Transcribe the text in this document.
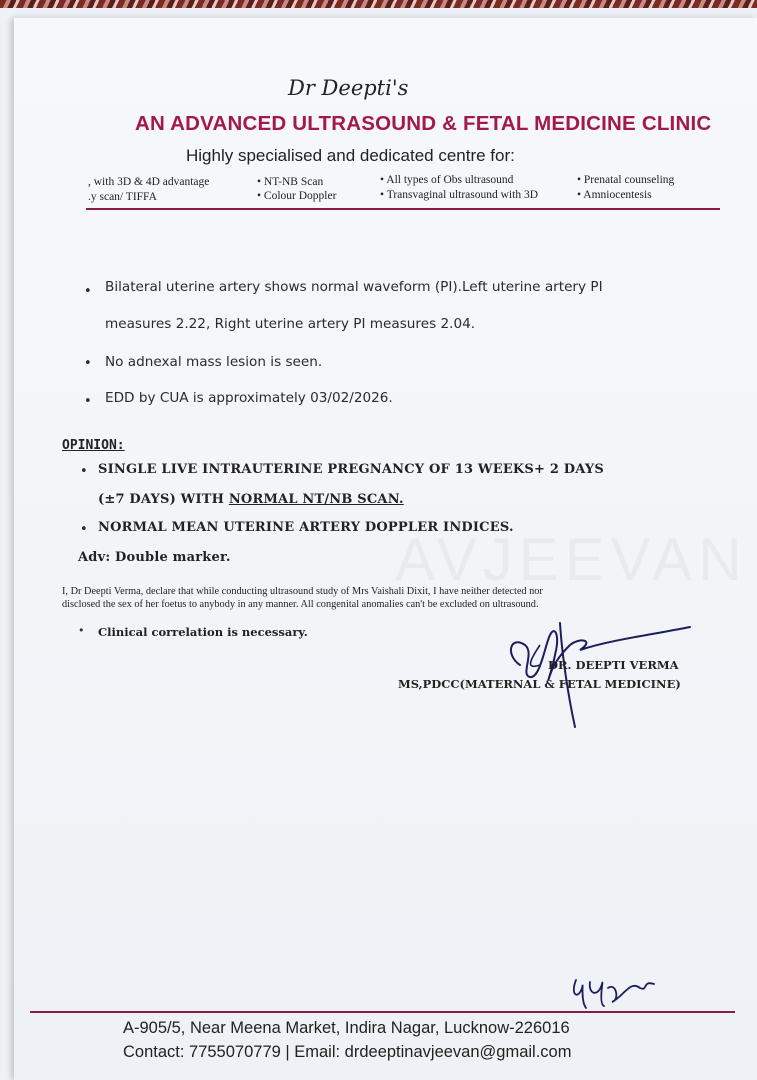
AVJEEVAN
Dr Deepti's
AN ADVANCED ULTRASOUND & FETAL MEDICINE CLINIC
Highly specialised and dedicated centre for:
, with 3D & 4D advantage	• NT-NB Scan	• All types of Obs ultrasound	• Prenatal counseling
.y scan/ TIFFA	• Colour Doppler	• Transvaginal ultrasound with 3D	• Amniocentesis
• Bilateral uterine artery shows normal waveform (PI).Left uterine artery PI
measures 2.22, Right uterine artery PI measures 2.04.
• No adnexal mass lesion is seen.
• EDD by CUA is approximately 03/02/2026.
OPINION:
• SINGLE LIVE INTRAUTERINE PREGNANCY OF 13 WEEKS+ 2 DAYS
(±7 DAYS) WITH NORMAL NT/NB SCAN.
• NORMAL MEAN UTERINE ARTERY DOPPLER INDICES.
Adv: Double marker.
I, Dr Deepti Verma, declare that while conducting ultrasound study of Mrs Vaishali Dixit, I have neither detected nor
disclosed the sex of her foetus to anybody in any manner. All congenital anomalies can't be excluded on ultrasound.
• Clinical correlation is necessary.
DR. DEEPTI VERMA
MS,PDCC(MATERNAL & FETAL MEDICINE)
A-905/5, Near Meena Market, Indira Nagar, Lucknow-226016
Contact: 7755070779 | Email: drdeeptinavjeevan@gmail.com
